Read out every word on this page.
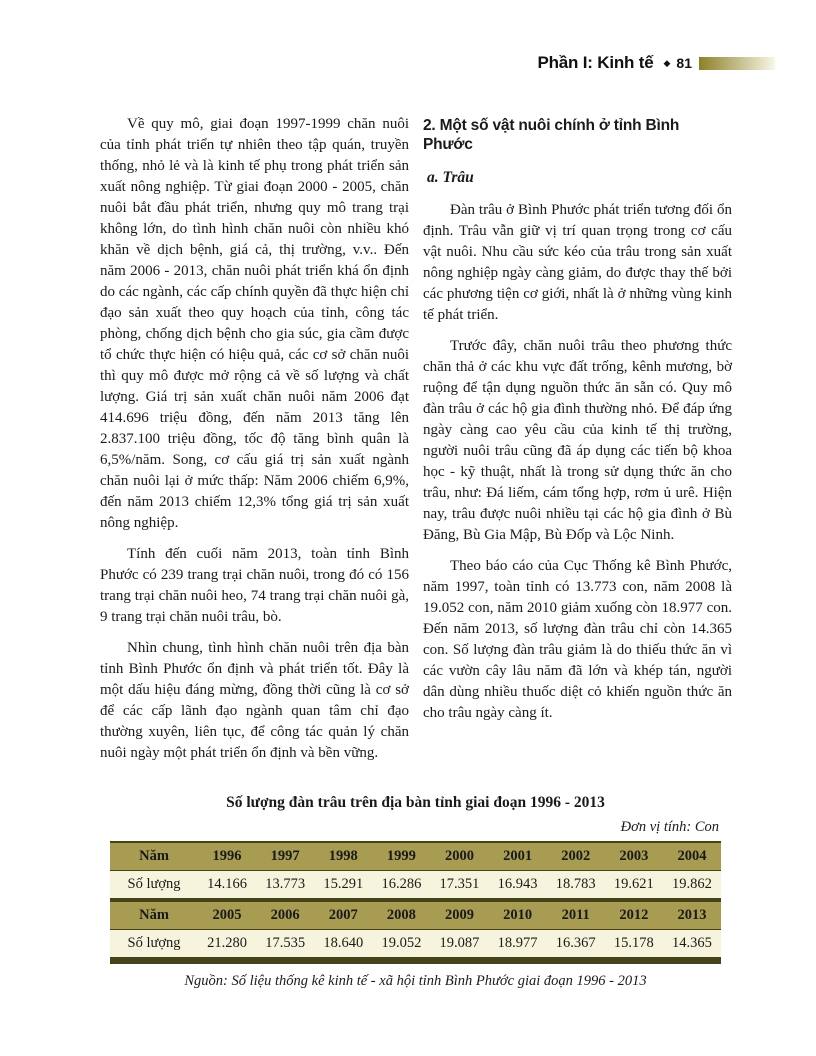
Phần I: Kinh tế ◆ 81

Về quy mô, giai đoạn 1997-1999 chăn nuôi của tỉnh phát triển tự nhiên theo tập quán, truyền thống, nhỏ lẻ và là kinh tế phụ trong phát triển sản xuất nông nghiệp. Từ giai đoạn 2000 - 2005, chăn nuôi bắt đầu phát triển, nhưng quy mô trang trại không lớn, do tình hình chăn nuôi còn nhiều khó khăn về dịch bệnh, giá cả, thị trường, v.v.. Đến năm 2006 - 2013, chăn nuôi phát triển khá ổn định do các ngành, các cấp chính quyền đã thực hiện chỉ đạo sản xuất theo quy hoạch của tỉnh, công tác phòng, chống dịch bệnh cho gia súc, gia cầm được tổ chức thực hiện có hiệu quả, các cơ sở chăn nuôi thì quy mô được mở rộng cả về số lượng và chất lượng. Giá trị sản xuất chăn nuôi năm 2006 đạt 414.696 triệu đồng, đến năm 2013 tăng lên 2.837.100 triệu đồng, tốc độ tăng bình quân là 6,5%/năm. Song, cơ cấu giá trị sản xuất ngành chăn nuôi lại ở mức thấp: Năm 2006 chiếm 6,9%, đến năm 2013 chiếm 12,3% tổng giá trị sản xuất nông nghiệp.

Tính đến cuối năm 2013, toàn tỉnh Bình Phước có 239 trang trại chăn nuôi, trong đó có 156 trang trại chăn nuôi heo, 74 trang trại chăn nuôi gà, 9 trang trại chăn nuôi trâu, bò.

Nhìn chung, tình hình chăn nuôi trên địa bàn tỉnh Bình Phước ổn định và phát triển tốt. Đây là một dấu hiệu đáng mừng, đồng thời cũng là cơ sở để các cấp lãnh đạo ngành quan tâm chỉ đạo thường xuyên, liên tục, để công tác quản lý chăn nuôi ngày một phát triển ổn định và bền vững.

2. Một số vật nuôi chính ở tỉnh Bình Phước
a. Trâu

Đàn trâu ở Bình Phước phát triển tương đối ổn định. Trâu vẫn giữ vị trí quan trọng trong cơ cấu vật nuôi. Nhu cầu sức kéo của trâu trong sản xuất nông nghiệp ngày càng giảm, do được thay thế bởi các phương tiện cơ giới, nhất là ở những vùng kinh tế phát triển.

Trước đây, chăn nuôi trâu theo phương thức chăn thả ở các khu vực đất trống, kênh mương, bờ ruộng để tận dụng nguồn thức ăn sẵn có. Quy mô đàn trâu ở các hộ gia đình thường nhỏ. Để đáp ứng ngày càng cao yêu cầu của kinh tế thị trường, người nuôi trâu cũng đã áp dụng các tiến bộ khoa học - kỹ thuật, nhất là trong sử dụng thức ăn cho trâu, như: Đá liếm, cám tổng hợp, rơm ủ urê. Hiện nay, trâu được nuôi nhiều tại các hộ gia đình ở Bù Đăng, Bù Gia Mập, Bù Đốp và Lộc Ninh.

Theo báo cáo của Cục Thống kê Bình Phước, năm 1997, toàn tỉnh có 13.773 con, năm 2008 là 19.052 con, năm 2010 giảm xuống còn 18.977 con. Đến năm 2013, số lượng đàn trâu chỉ còn 14.365 con. Số lượng đàn trâu giảm là do thiếu thức ăn vì các vườn cây lâu năm đã lớn và khép tán, người dân dùng nhiều thuốc diệt cỏ khiến nguồn thức ăn cho trâu ngày càng ít.

Số lượng đàn trâu trên địa bàn tỉnh giai đoạn 1996 - 2013
Đơn vị tính: Con
Năm	1996	1997	1998	1999	2000	2001	2002	2003	2004
Số lượng	14.166	13.773	15.291	16.286	17.351	16.943	18.783	19.621	19.862
Năm	2005	2006	2007	2008	2009	2010	2011	2012	2013
Số lượng	21.280	17.535	18.640	19.052	19.087	18.977	16.367	15.178	14.365
Nguồn: Số liệu thống kê kinh tế - xã hội tỉnh Bình Phước giai đoạn 1996 - 2013
